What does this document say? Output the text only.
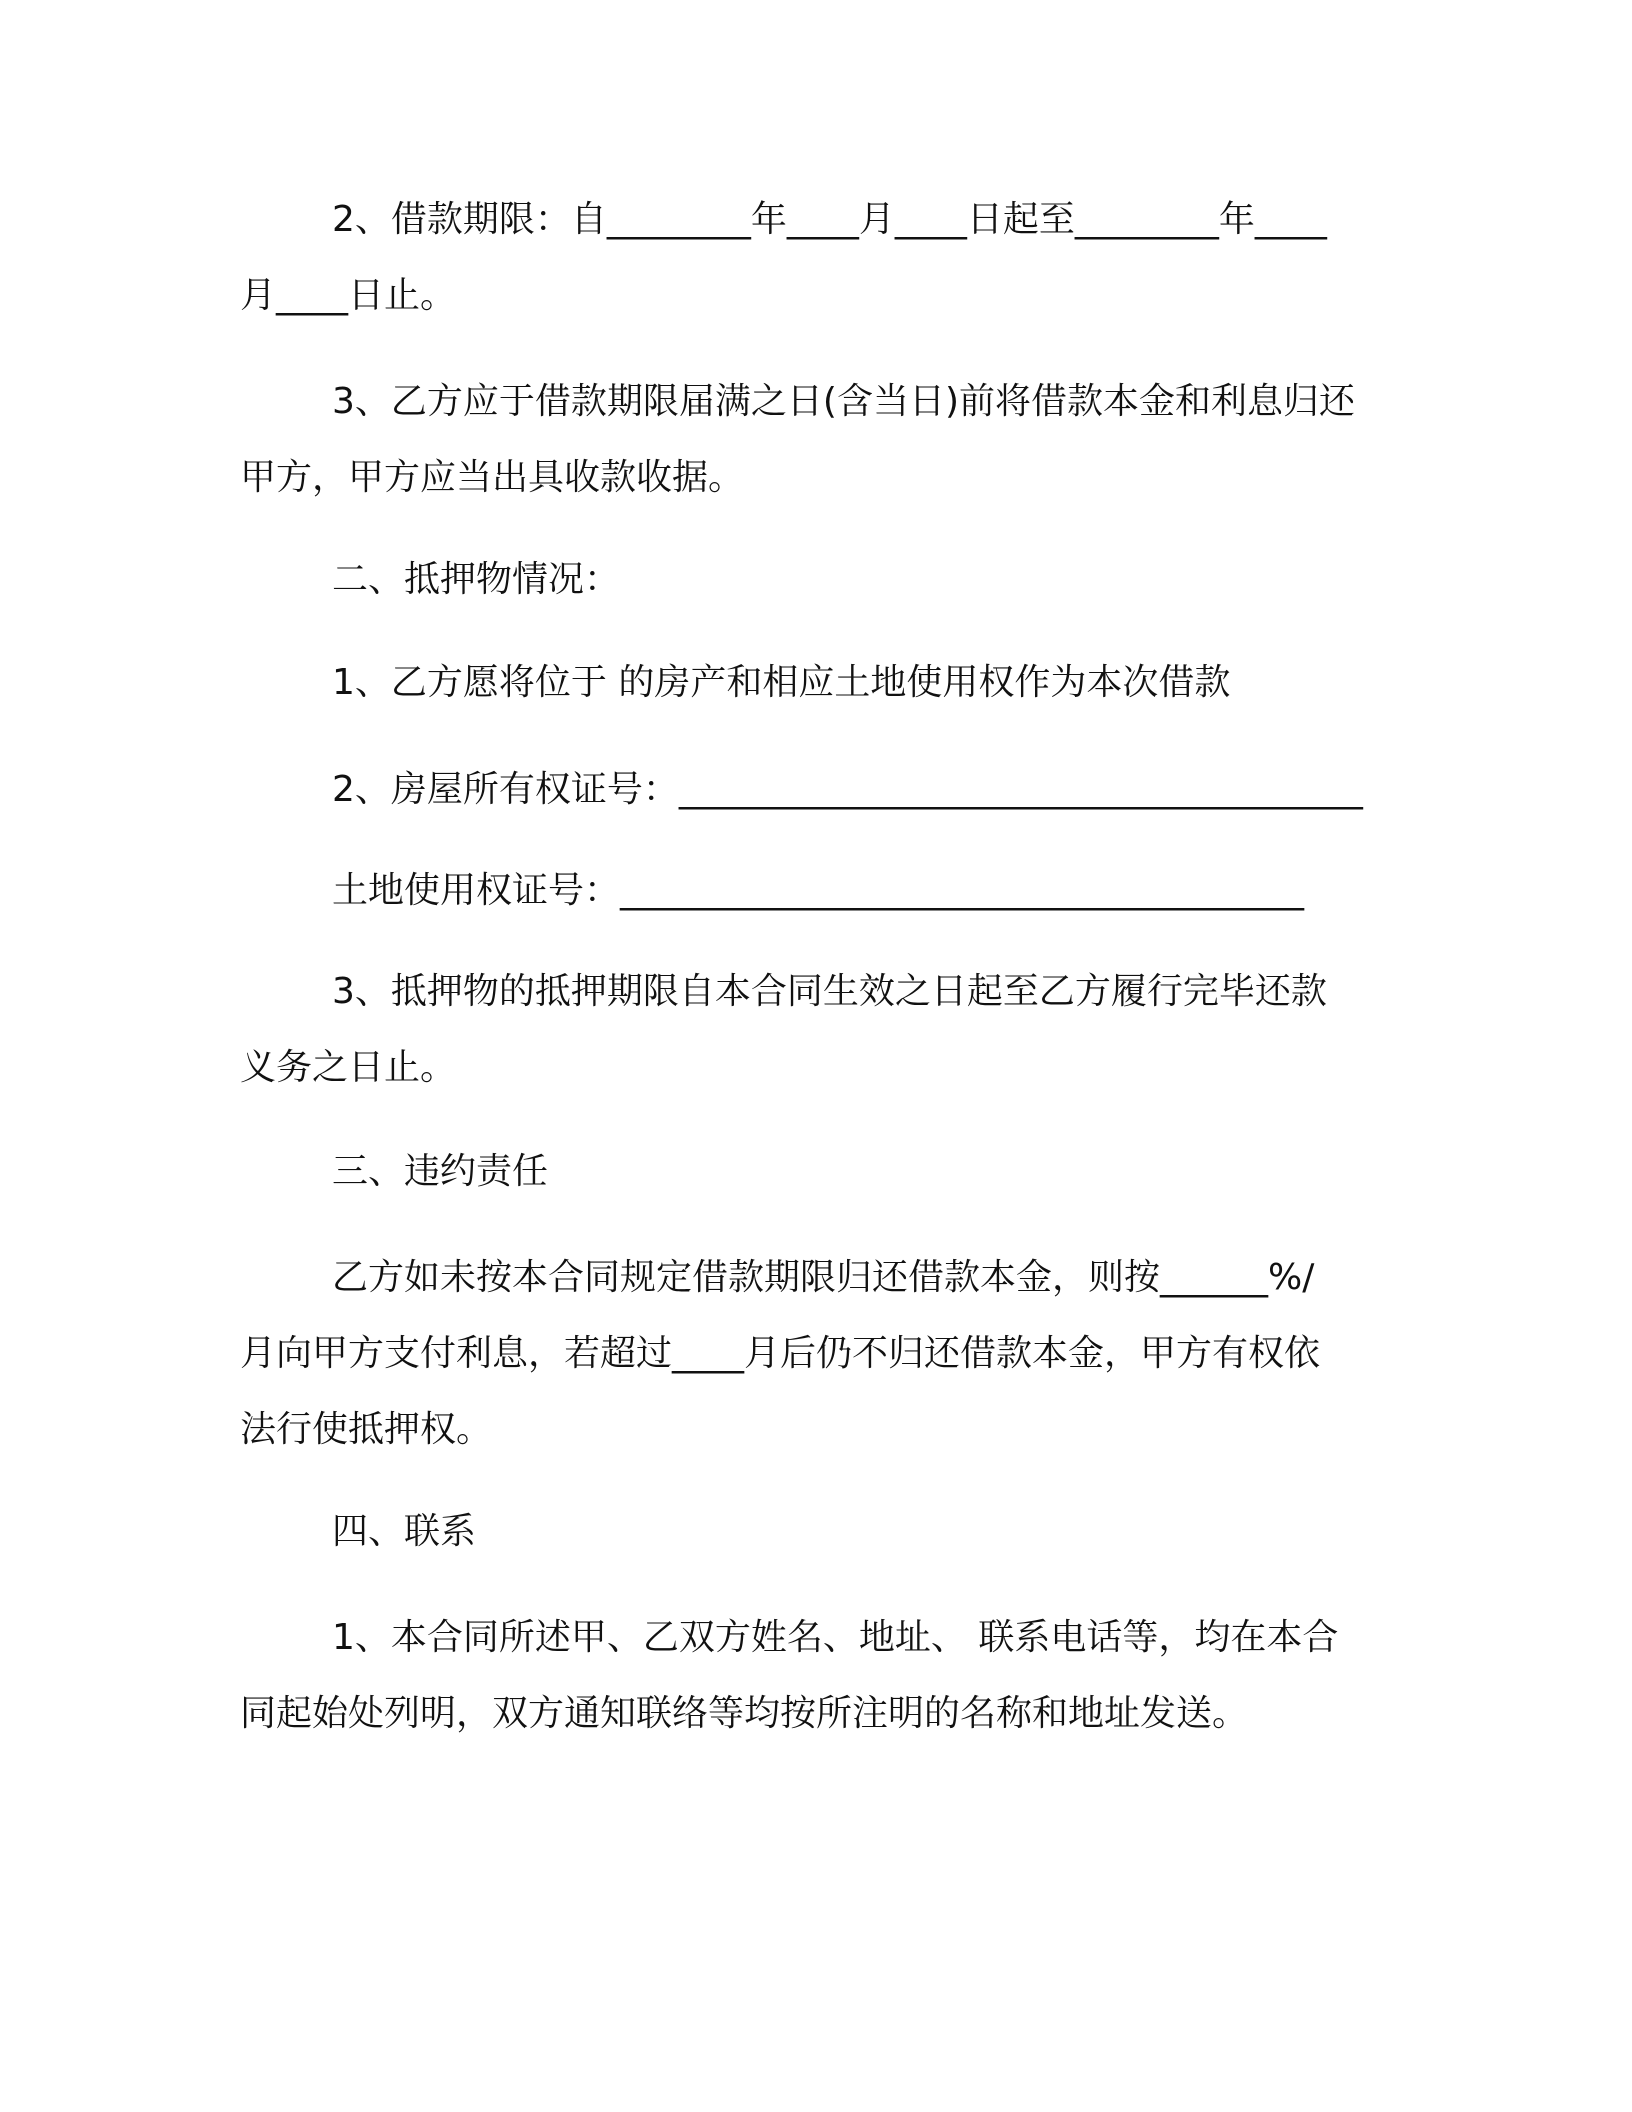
2、借款期限：自________年____月____日起至________年____
月____日止。
3、乙方应于借款期限届满之日(含当日)前将借款本金和利息归还
甲方，甲方应当出具收款收据。
二、抵押物情况：
1、乙方愿将位于 的房产和相应土地使用权作为本次借款
2、房屋所有权证号：______________________________________
土地使用权证号：______________________________________
3、抵押物的抵押期限自本合同生效之日起至乙方履行完毕还款
义务之日止。
三、违约责任
乙方如未按本合同规定借款期限归还借款本金，则按______%/
月向甲方支付利息，若超过____月后仍不归还借款本金，甲方有权依
法行使抵押权。
四、联系
1、本合同所述甲、乙双方姓名、地址、 联系电话等，均在本合
同起始处列明，双方通知联络等均按所注明的名称和地址发送。
